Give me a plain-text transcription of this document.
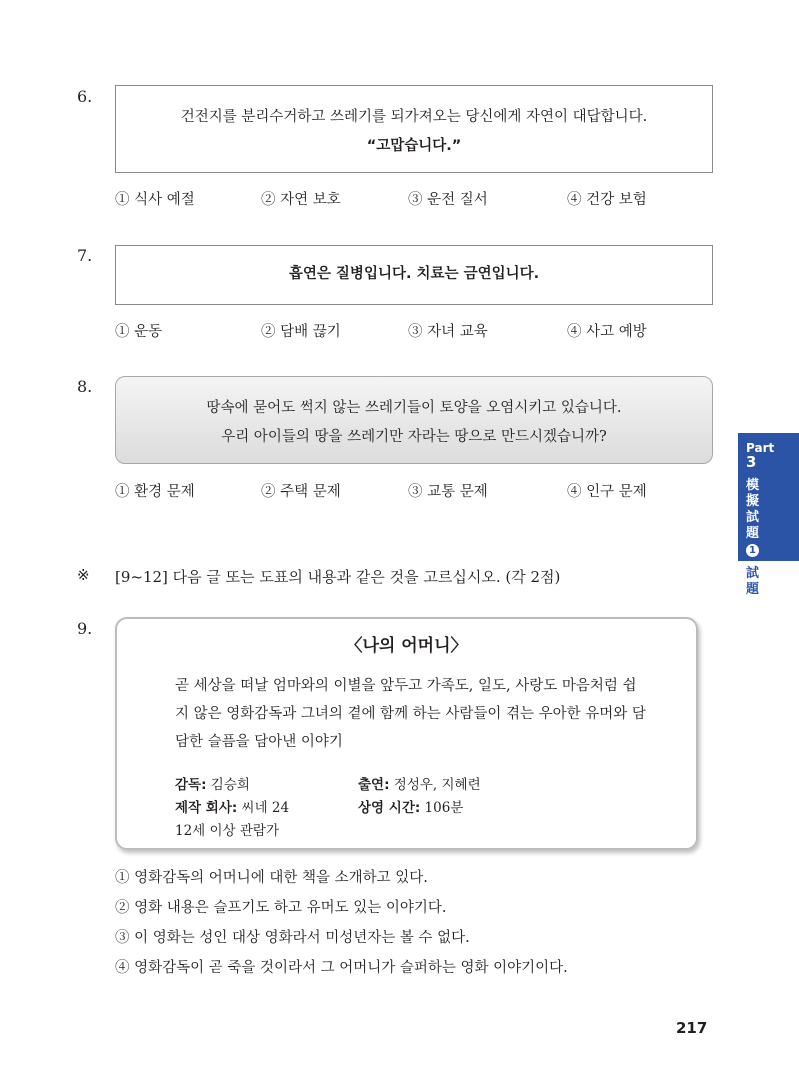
6.
건전지를 분리수거하고 쓰레기를 되가져오는 당신에게 자연이 대답합니다.
“고맙습니다.”
① 식사 예절	② 자연 보호	③ 운전 질서	④ 건강 보험
7.
흡연은 질병입니다. 치료는 금연입니다.
① 운동	② 담배 끊기	③ 자녀 교육	④ 사고 예방
8.
땅속에 묻어도 썩지 않는 쓰레기들이 토양을 오염시키고 있습니다.
우리 아이들의 땅을 쓰레기만 자라는 땅으로 만드시겠습니까?
① 환경 문제	② 주택 문제	③ 교통 문제	④ 인구 문제
Part
3
模
擬
試
題
1
試
題
※ [9~12] 다음 글 또는 도표의 내용과 같은 것을 고르십시오. (각 2점)
9.
〈나의 어머니〉
곧 세상을 떠날 엄마와의 이별을 앞두고 가족도, 일도, 사랑도 마음처럼 쉽
지 않은 영화감독과 그녀의 곁에 함께 하는 사람들이 겪는 우아한 유머와 담
담한 슬픔을 담아낸 이야기
감독: 김승희	출연: 정성우, 지혜련
제작 회사: 씨네 24	상영 시간: 106분
12세 이상 관람가
① 영화감독의 어머니에 대한 책을 소개하고 있다.
② 영화 내용은 슬프기도 하고 유머도 있는 이야기다.
③ 이 영화는 성인 대상 영화라서 미성년자는 볼 수 없다.
④ 영화감독이 곧 죽을 것이라서 그 어머니가 슬퍼하는 영화 이야기이다.
217
